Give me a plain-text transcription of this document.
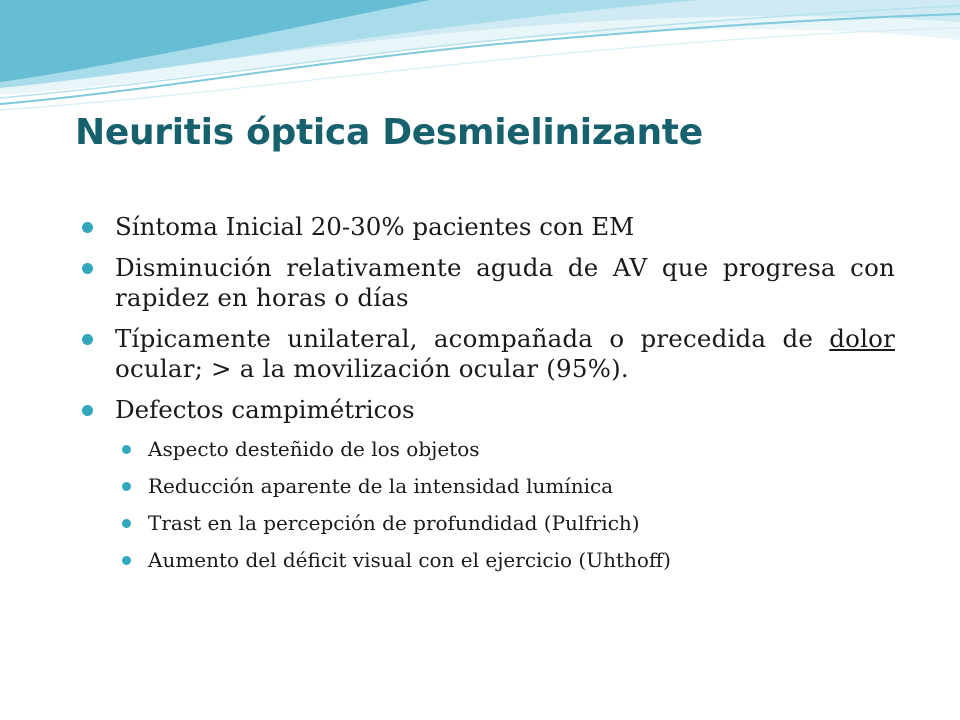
Neuritis óptica Desmielinizante
Síntoma Inicial 20-30% pacientes con EM
Disminución relativamente aguda de AV que progresa con rapidez en horas o días
Típicamente unilateral, acompañada o precedida de dolor ocular; > a la movilización ocular (95%).
Defectos campimétricos
Aspecto desteñido de los objetos
Reducción aparente de la intensidad lumínica
Trast en la percepción de profundidad (Pulfrich)
Aumento del déficit visual con el ejercicio (Uhthoff)
